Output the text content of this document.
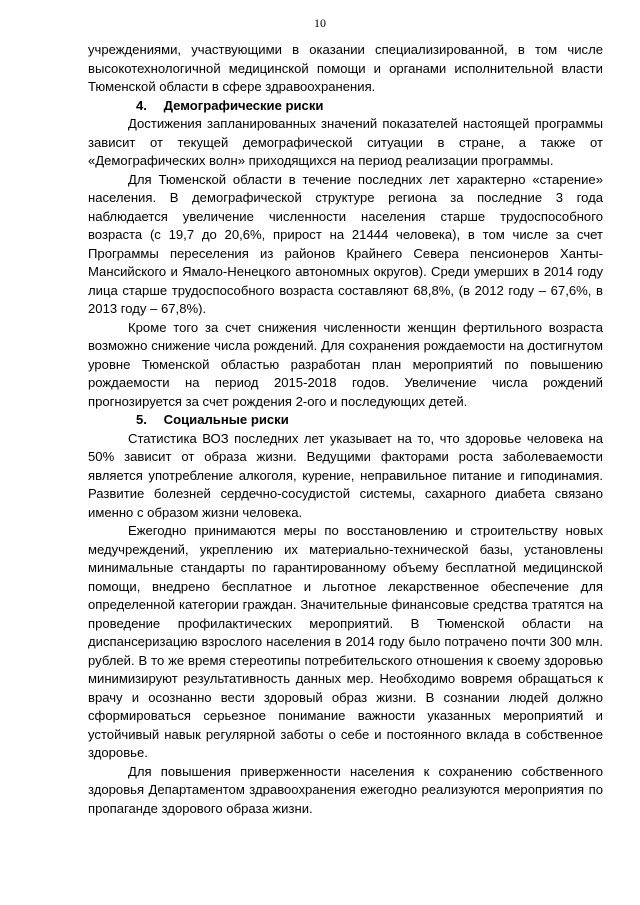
10

учреждениями, участвующими в оказании специализированной, в том числе высокотехнологичной медицинской помощи и органами исполнительной власти Тюменской области в сфере здравоохранения.

4. Демографические риски

Достижения запланированных значений показателей настоящей программы зависит от текущей демографической ситуации в стране, а также от «Демографических волн» приходящихся на период реализации программы.

Для Тюменской области в течение последних лет характерно «старение» населения. В демографической структуре региона за последние 3 года наблюдается увеличение численности населения старше трудоспособного возраста (с 19,7 до 20,6%, прирост на 21444 человека), в том числе за счет Программы переселения из районов Крайнего Севера пенсионеров Ханты-Мансийского и Ямало-Ненецкого автономных округов). Среди умерших в 2014 году лица старше трудоспособного возраста составляют 68,8%, (в 2012 году – 67,6%, в 2013 году – 67,8%).

Кроме того за счет снижения численности женщин фертильного возраста возможно снижение числа рождений. Для сохранения рождаемости на достигнутом уровне Тюменской областью разработан план мероприятий по повышению рождаемости на период 2015-2018 годов. Увеличение числа рождений прогнозируется за счет рождения 2-ого и последующих детей.

5. Социальные риски

Статистика ВОЗ последних лет указывает на то, что здоровье человека на 50% зависит от образа жизни. Ведущими факторами роста заболеваемости является употребление алкоголя, курение, неправильное питание и гиподинамия. Развитие болезней сердечно-сосудистой системы, сахарного диабета связано именно с образом жизни человека.

Ежегодно принимаются меры по восстановлению и строительству новых медучреждений, укреплению их материально-технической базы, установлены минимальные стандарты по гарантированному объему бесплатной медицинской помощи, внедрено бесплатное и льготное лекарственное обеспечение для определенной категории граждан. Значительные финансовые средства тратятся на проведение профилактических мероприятий. В Тюменской области на диспансеризацию взрослого населения в 2014 году было потрачено почти 300 млн. рублей. В то же время стереотипы потребительского отношения к своему здоровью минимизируют результативность данных мер. Необходимо вовремя обращаться к врачу и осознанно вести здоровый образ жизни. В сознании людей должно сформироваться серьезное понимание важности указанных мероприятий и устойчивый навык регулярной заботы о себе и постоянного вклада в собственное здоровье.

Для повышения приверженности населения к сохранению собственного здоровья Департаментом здравоохранения ежегодно реализуются мероприятия по пропаганде здорового образа жизни.
